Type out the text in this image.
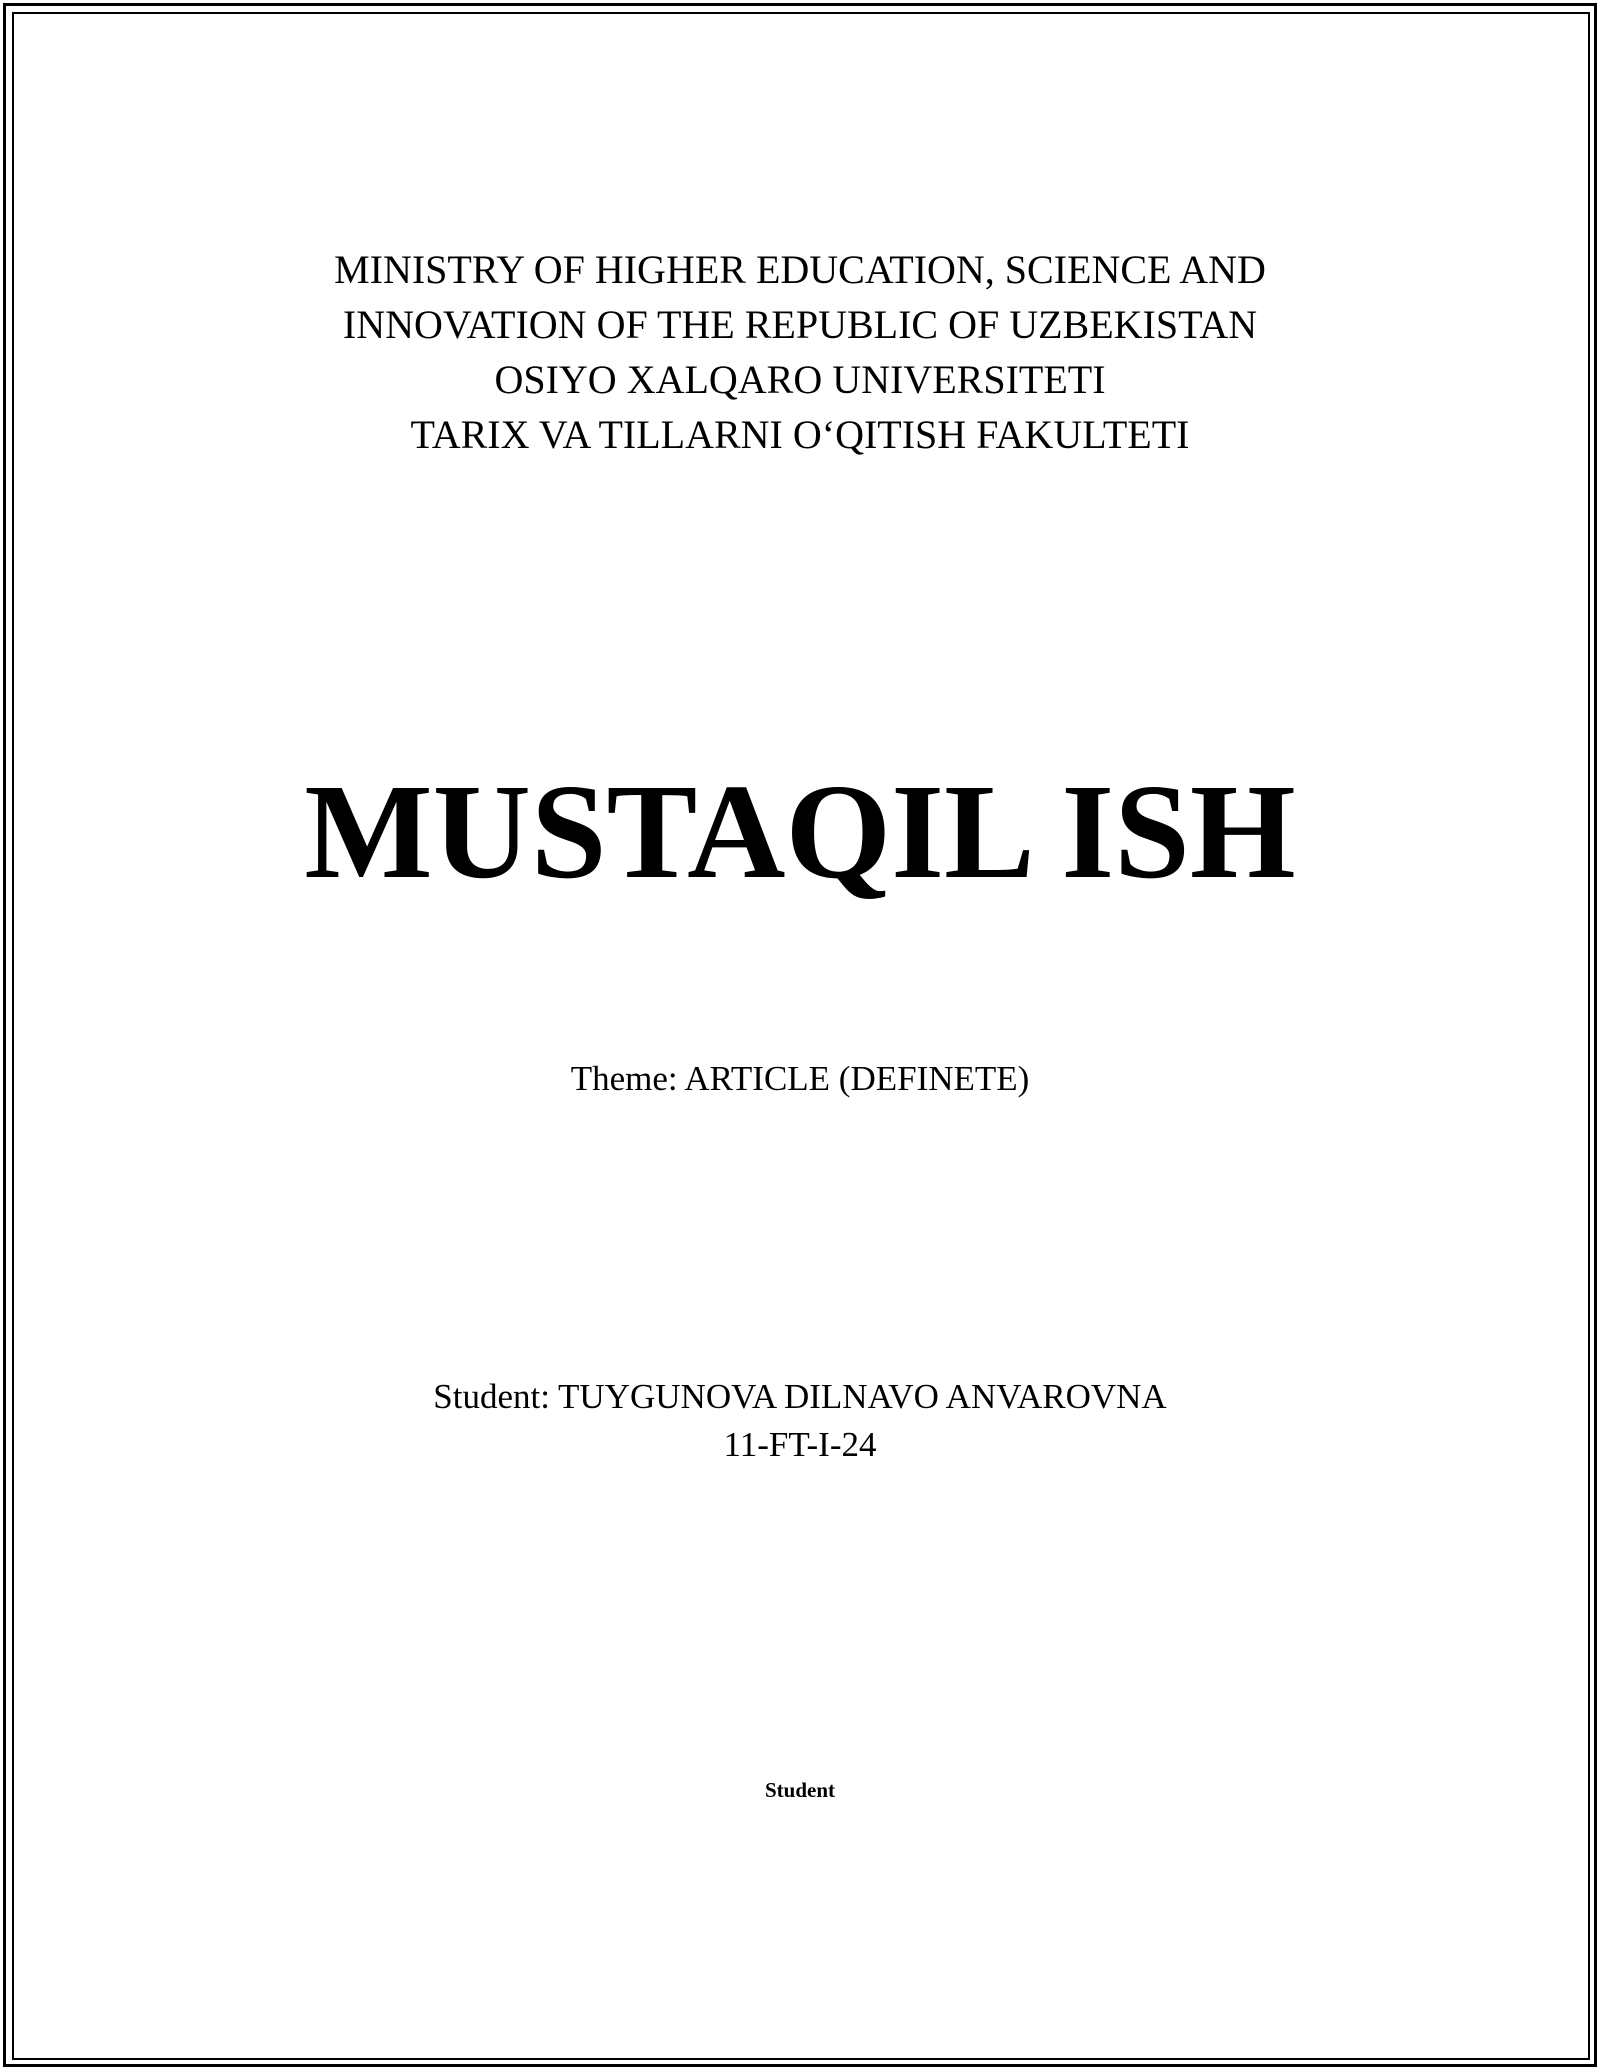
MINISTRY OF HIGHER EDUCATION, SCIENCE AND
INNOVATION OF THE REPUBLIC OF UZBEKISTAN
OSIYO XALQARO UNIVERSITETI
TARIX VA TILLARNI O‘QITISH FAKULTETI
MUSTAQIL ISH
Theme: ARTICLE (DEFINETE)
Student: TUYGUNOVA DILNAVO ANVAROVNA
11-FT-I-24
Student
